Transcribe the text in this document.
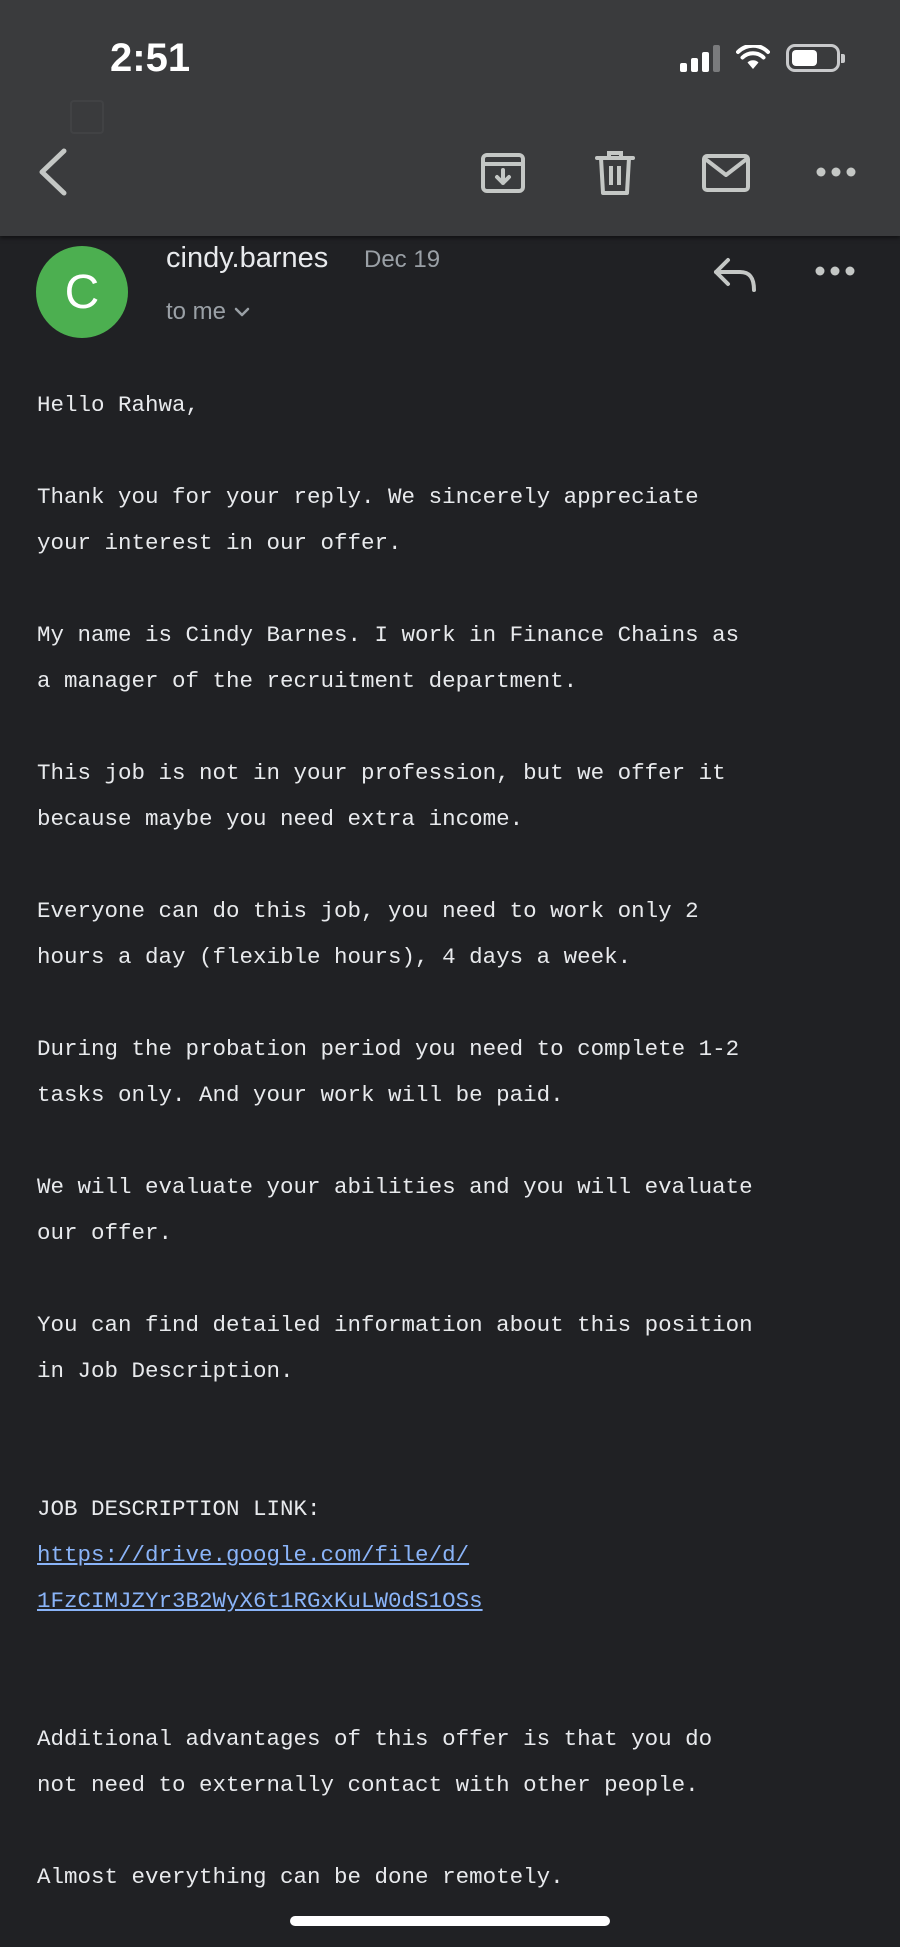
2:51
C
cindy.barnes Dec 19
to me

Hello Rahwa,

Thank you for your reply. We sincerely appreciate
your interest in our offer.

My name is Cindy Barnes. I work in Finance Chains as
a manager of the recruitment department.

This job is not in your profession, but we offer it
because maybe you need extra income.

Everyone can do this job, you need to work only 2
hours a day (flexible hours), 4 days a week.

During the probation period you need to complete 1-2
tasks only. And your work will be paid.

We will evaluate your abilities and you will evaluate
our offer.

You can find detailed information about this position
in Job Description.

JOB DESCRIPTION LINK:

https://drive.google.com/file/d/
1FzCIMJZYr3B2WyX6t1RGxKuLW0dS1OSs

Additional advantages of this offer is that you do
not need to externally contact with other people.

Almost everything can be done remotely.
